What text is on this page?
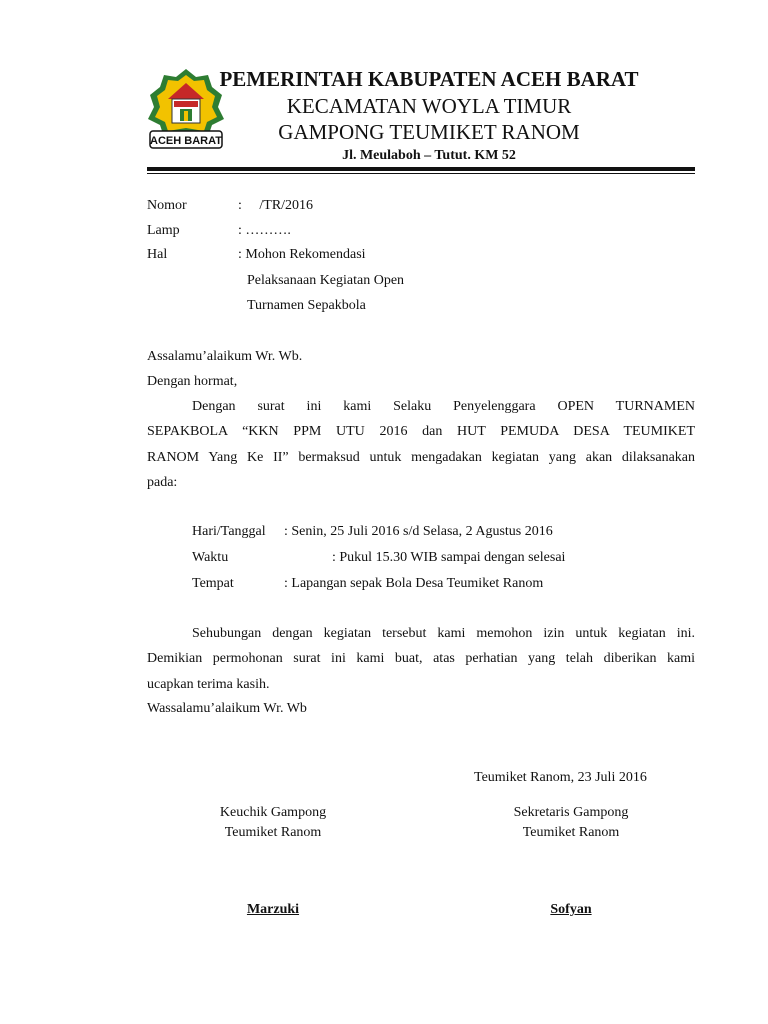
ACEH BARAT
PEMERINTAH KABUPATEN ACEH BARAT
KECAMATAN WOYLA TIMUR
GAMPONG TEUMIKET RANOM
Jl. Meulaboh – Tutut. KM 52
Nomor	:     /TR/2016
Lamp	: ……….
Hal	: Mohon Rekomendasi
Pelaksanaan Kegiatan Open
Turnamen Sepakbola
Assalamu’alaikum Wr. Wb.
Dengan hormat,
Dengan surat ini kami Selaku Penyelenggara OPEN TURNAMEN
SEPAKBOLA “KKN PPM UTU 2016 dan HUT PEMUDA DESA TEUMIKET
RANOM Yang Ke II” bermaksud untuk mengadakan kegiatan yang akan dilaksanakan
pada:
Hari/Tanggal : Senin, 25 Juli 2016 s/d Selasa, 2 Agustus 2016
Waktu	: Pukul 15.30 WIB sampai dengan selesai
Tempat	: Lapangan sepak Bola Desa Teumiket Ranom
Sehubungan dengan kegiatan tersebut kami memohon izin untuk kegiatan ini.
Demikian permohonan surat ini kami buat, atas perhatian yang telah diberikan kami
ucapkan terima kasih.
Wassalamu’alaikum Wr. Wb
Teumiket Ranom, 23 Juli 2016
Keuchik Gampong
Teumiket Ranom
Marzuki
Sekretaris Gampong
Teumiket Ranom
Sofyan
